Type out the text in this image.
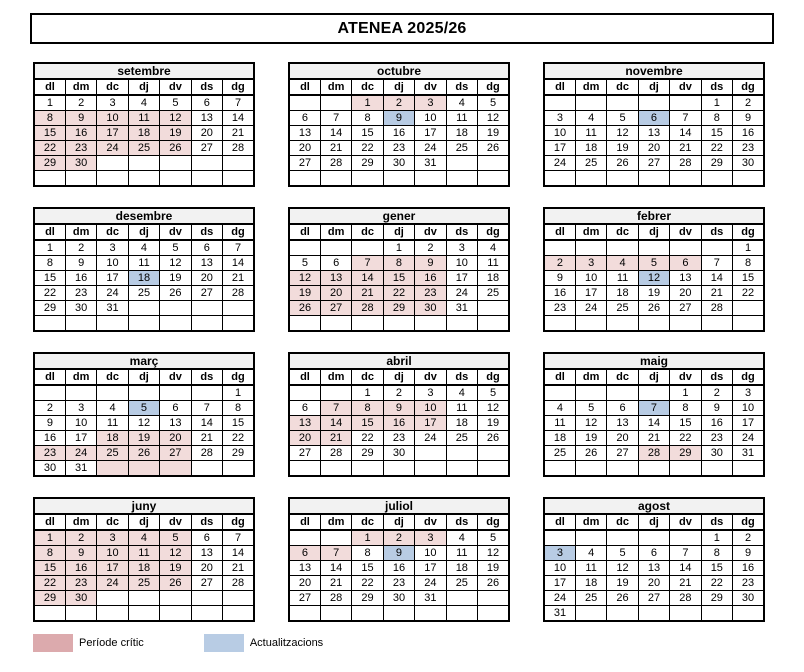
ATENEA 2025/26
setembre						
dl	dm	dc	dj	dv	ds	dg
1	2	3	4	5	6	7
8	9	10	11	12	13	14
15	16	17	18	19	20	21
22	23	24	25	26	27	28
29	30					

octubre						
dl	dm	dc	dj	dv	ds	dg
		1	2	3	4	5
6	7	8	9	10	11	12
13	14	15	16	17	18	19
20	21	22	23	24	25	26
27	28	29	30	31		

novembre						
dl	dm	dc	dj	dv	ds	dg
					1	2
3	4	5	6	7	8	9
10	11	12	13	14	15	16
17	18	19	20	21	22	23
24	25	26	27	28	29	30

desembre						
dl	dm	dc	dj	dv	ds	dg
1	2	3	4	5	6	7
8	9	10	11	12	13	14
15	16	17	18	19	20	21
22	23	24	25	26	27	28
29	30	31				

gener						
dl	dm	dc	dj	dv	ds	dg
			1	2	3	4
5	6	7	8	9	10	11
12	13	14	15	16	17	18
19	20	21	22	23	24	25
26	27	28	29	30	31	

febrer						
dl	dm	dc	dj	dv	ds	dg
						1
2	3	4	5	6	7	8
9	10	11	12	13	14	15
16	17	18	19	20	21	22
23	24	25	26	27	28	

març						
dl	dm	dc	dj	dv	ds	dg
						1
2	3	4	5	6	7	8
9	10	11	12	13	14	15
16	17	18	19	20	21	22
23	24	25	26	27	28	29
30	31					
abril						
dl	dm	dc	dj	dv	ds	dg
		1	2	3	4	5
6	7	8	9	10	11	12
13	14	15	16	17	18	19
20	21	22	23	24	25	26
27	28	29	30			

maig						
dl	dm	dc	dj	dv	ds	dg
				1	2	3
4	5	6	7	8	9	10
11	12	13	14	15	16	17
18	19	20	21	22	23	24
25	26	27	28	29	30	31

juny						
dl	dm	dc	dj	dv	ds	dg
1	2	3	4	5	6	7
8	9	10	11	12	13	14
15	16	17	18	19	20	21
22	23	24	25	26	27	28
29	30					

juliol						
dl	dm	dc	dj	dv	ds	dg
		1	2	3	4	5
6	7	8	9	10	11	12
13	14	15	16	17	18	19
20	21	22	23	24	25	26
27	28	29	30	31		

agost						
dl	dm	dc	dj	dv	ds	dg
					1	2
3	4	5	6	7	8	9
10	11	12	13	14	15	16
17	18	19	20	21	22	23
24	25	26	27	28	29	30
31						
Període crític	Actualitzacions
